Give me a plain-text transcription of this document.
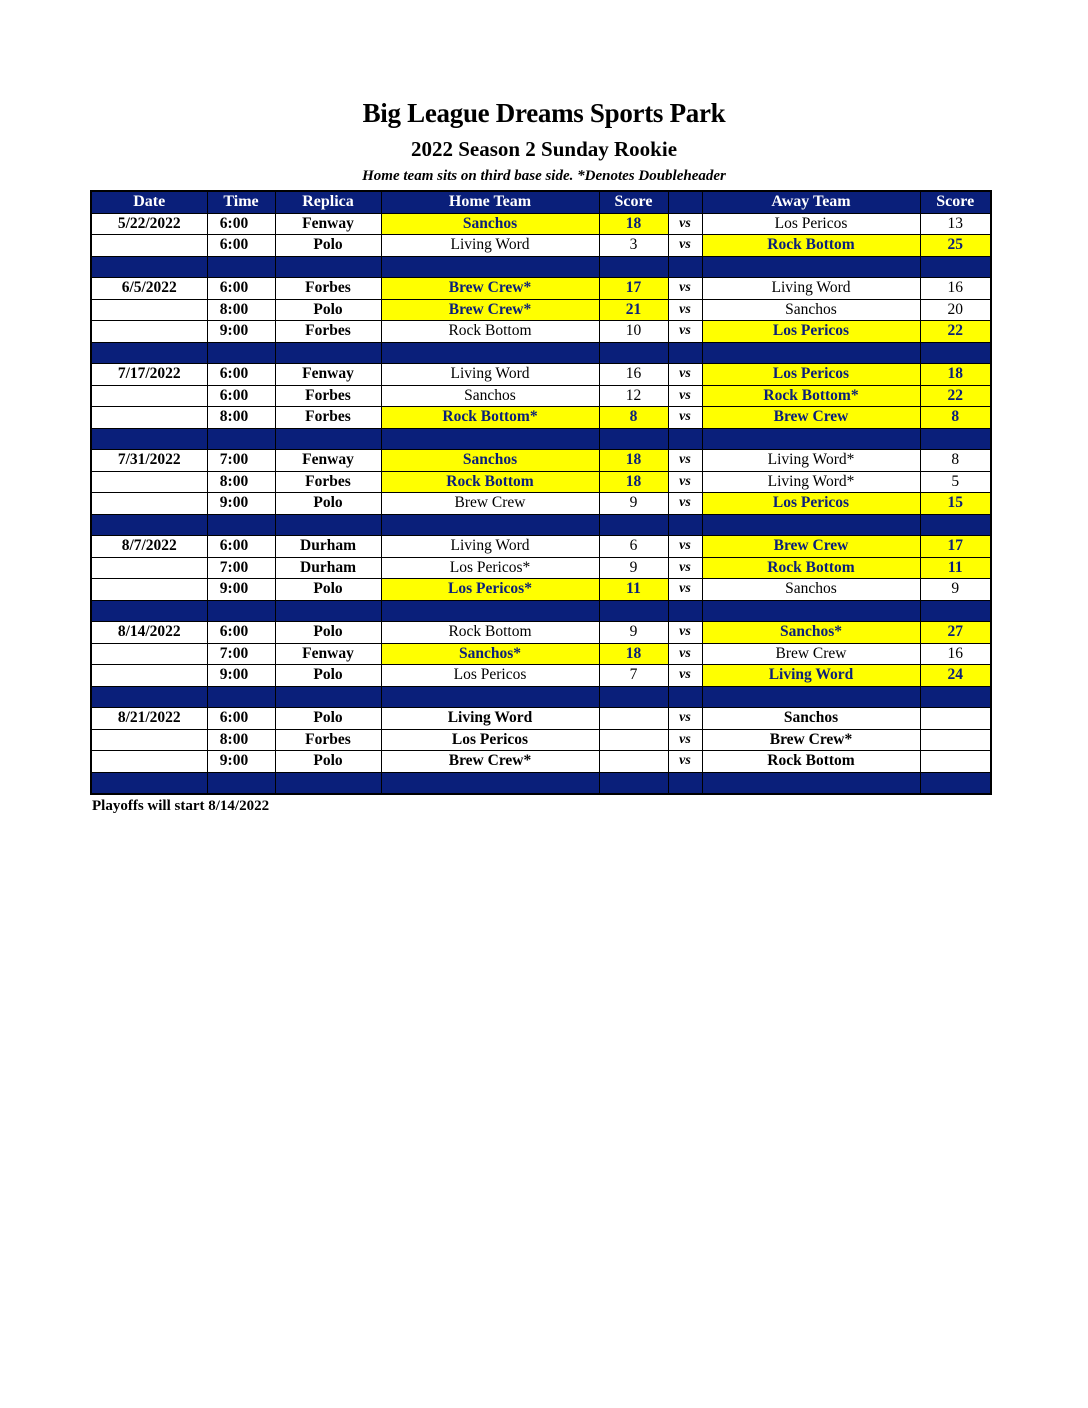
Big League Dreams Sports Park
2022 Season 2 Sunday Rookie
Home team sits on third base side. *Denotes Doubleheader
Date	Time	Replica	Home Team	Score		Away Team	Score
5/22/2022	6:00	Fenway	Sanchos	18	vs	Los Pericos	13
	6:00	Polo	Living Word	3	vs	Rock Bottom	25

6/5/2022	6:00	Forbes	Brew Crew*	17	vs	Living Word	16
	8:00	Polo	Brew Crew*	21	vs	Sanchos	20
	9:00	Forbes	Rock Bottom	10	vs	Los Pericos	22

7/17/2022	6:00	Fenway	Living Word	16	vs	Los Pericos	18
	6:00	Forbes	Sanchos	12	vs	Rock Bottom*	22
	8:00	Forbes	Rock Bottom*	8	vs	Brew Crew	8

7/31/2022	7:00	Fenway	Sanchos	18	vs	Living Word*	8
	8:00	Forbes	Rock Bottom	18	vs	Living Word*	5
	9:00	Polo	Brew Crew	9	vs	Los Pericos	15

8/7/2022	6:00	Durham	Living Word	6	vs	Brew Crew	17
	7:00	Durham	Los Pericos*	9	vs	Rock Bottom	11
	9:00	Polo	Los Pericos*	11	vs	Sanchos	9

8/14/2022	6:00	Polo	Rock Bottom	9	vs	Sanchos*	27
	7:00	Fenway	Sanchos*	18	vs	Brew Crew	16
	9:00	Polo	Los Pericos	7	vs	Living Word	24

8/21/2022	6:00	Polo	Living Word		vs	Sanchos	
	8:00	Forbes	Los Pericos		vs	Brew Crew*	
	9:00	Polo	Brew Crew*		vs	Rock Bottom	

Playoffs will start 8/14/2022
